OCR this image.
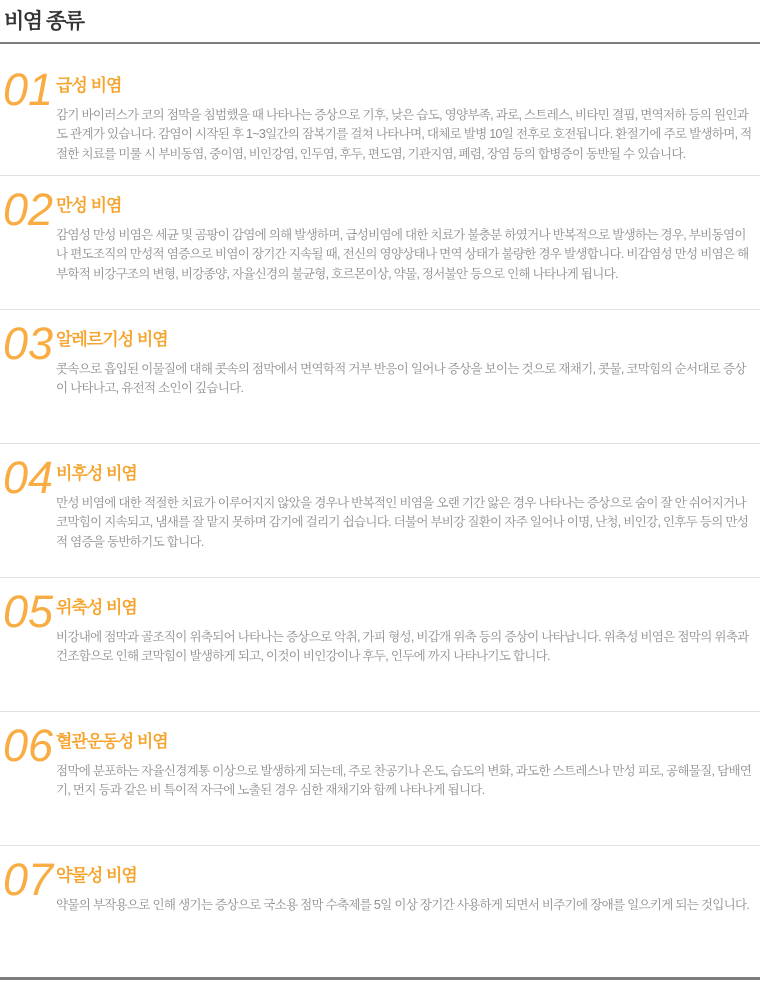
비염 종류
01 급성 비염

감기 바이러스가 코의 점막을 침범했을 때 나타나는 증상으로 기후, 낮은 습도, 영양부족, 과로, 스트레스, 비타민 결핍, 면역저하 등의 원인과도 관계가 있습니다. 감염이 시작된 후 1~3일간의 잠복기를 걸쳐 나타나며, 대체로 발병 10일 전후로 호전됩니다. 환절기에 주로 발생하며, 적절한 치료를 미룰 시 부비동염, 중이염, 비인강염, 인두염, 후두, 편도염, 기관지염, 폐렴, 장염 등의 합병증이 동반될 수 있습니다.

02 만성 비염

감염성 만성 비염은 세균 및 곰팡이 감염에 의해 발생하며, 급성비염에 대한 치료가 불충분 하였거나 반복적으로 발생하는 경우, 부비동염이나 편도조직의 만성적 염증으로 비염이 장기간 지속될 때, 전신의 영양상태나 면역 상태가 불량한 경우 발생합니다. 비감염성 만성 비염은 해부학적 비강구조의 변형, 비강종양, 자율신경의 불균형, 호르몬이상, 약물, 정서불안 등으로 인해 나타나게 됩니다.

03 알레르기성 비염

콧속으로 흡입된 이물질에 대해 콧속의 점막에서 면역학적 거부 반응이 일어나 증상을 보이는 것으로 재채기, 콧물, 코막힘의 순서대로 증상이 나타나고, 유전적 소인이 깊습니다.

04 비후성 비염

만성 비염에 대한 적절한 치료가 이루어지지 않았을 경우나 반복적인 비염을 오랜 기간 앓은 경우 나타나는 증상으로 숨이 잘 안 쉬어지거나 코막힘이 지속되고, 냄새를 잘 맡지 못하며 감기에 걸리기 쉽습니다. 더불어 부비강 질환이 자주 일어나 이명, 난청, 비인강, 인후두 등의 만성적 염증을 동반하기도 합니다.

05 위축성 비염

비강내에 점막과 골조직이 위축되어 나타나는 증상으로 악취, 가피 형성, 비갑개 위축 등의 증상이 나타납니다. 위축성 비염은 점막의 위축과 건조함으로 인해 코막힘이 발생하게 되고, 이것이 비인강이나 후두, 인두에 까지 나타나기도 합니다.

06 혈관운동성 비염

점막에 분포하는 자율신경계통 이상으로 발생하게 되는데, 주로 찬공기나 온도, 습도의 변화, 과도한 스트레스나 만성 피로, 공해물질, 담배연기, 먼지 등과 같은 비 특이적 자극에 노출된 경우 심한 재채기와 함께 나타나게 됩니다.

07 약물성 비염

약물의 부작용으로 인해 생기는 증상으로 국소용 점막 수축제를 5일 이상 장기간 사용하게 되면서 비주기에 장애를 일으키게 되는 것입니다.
